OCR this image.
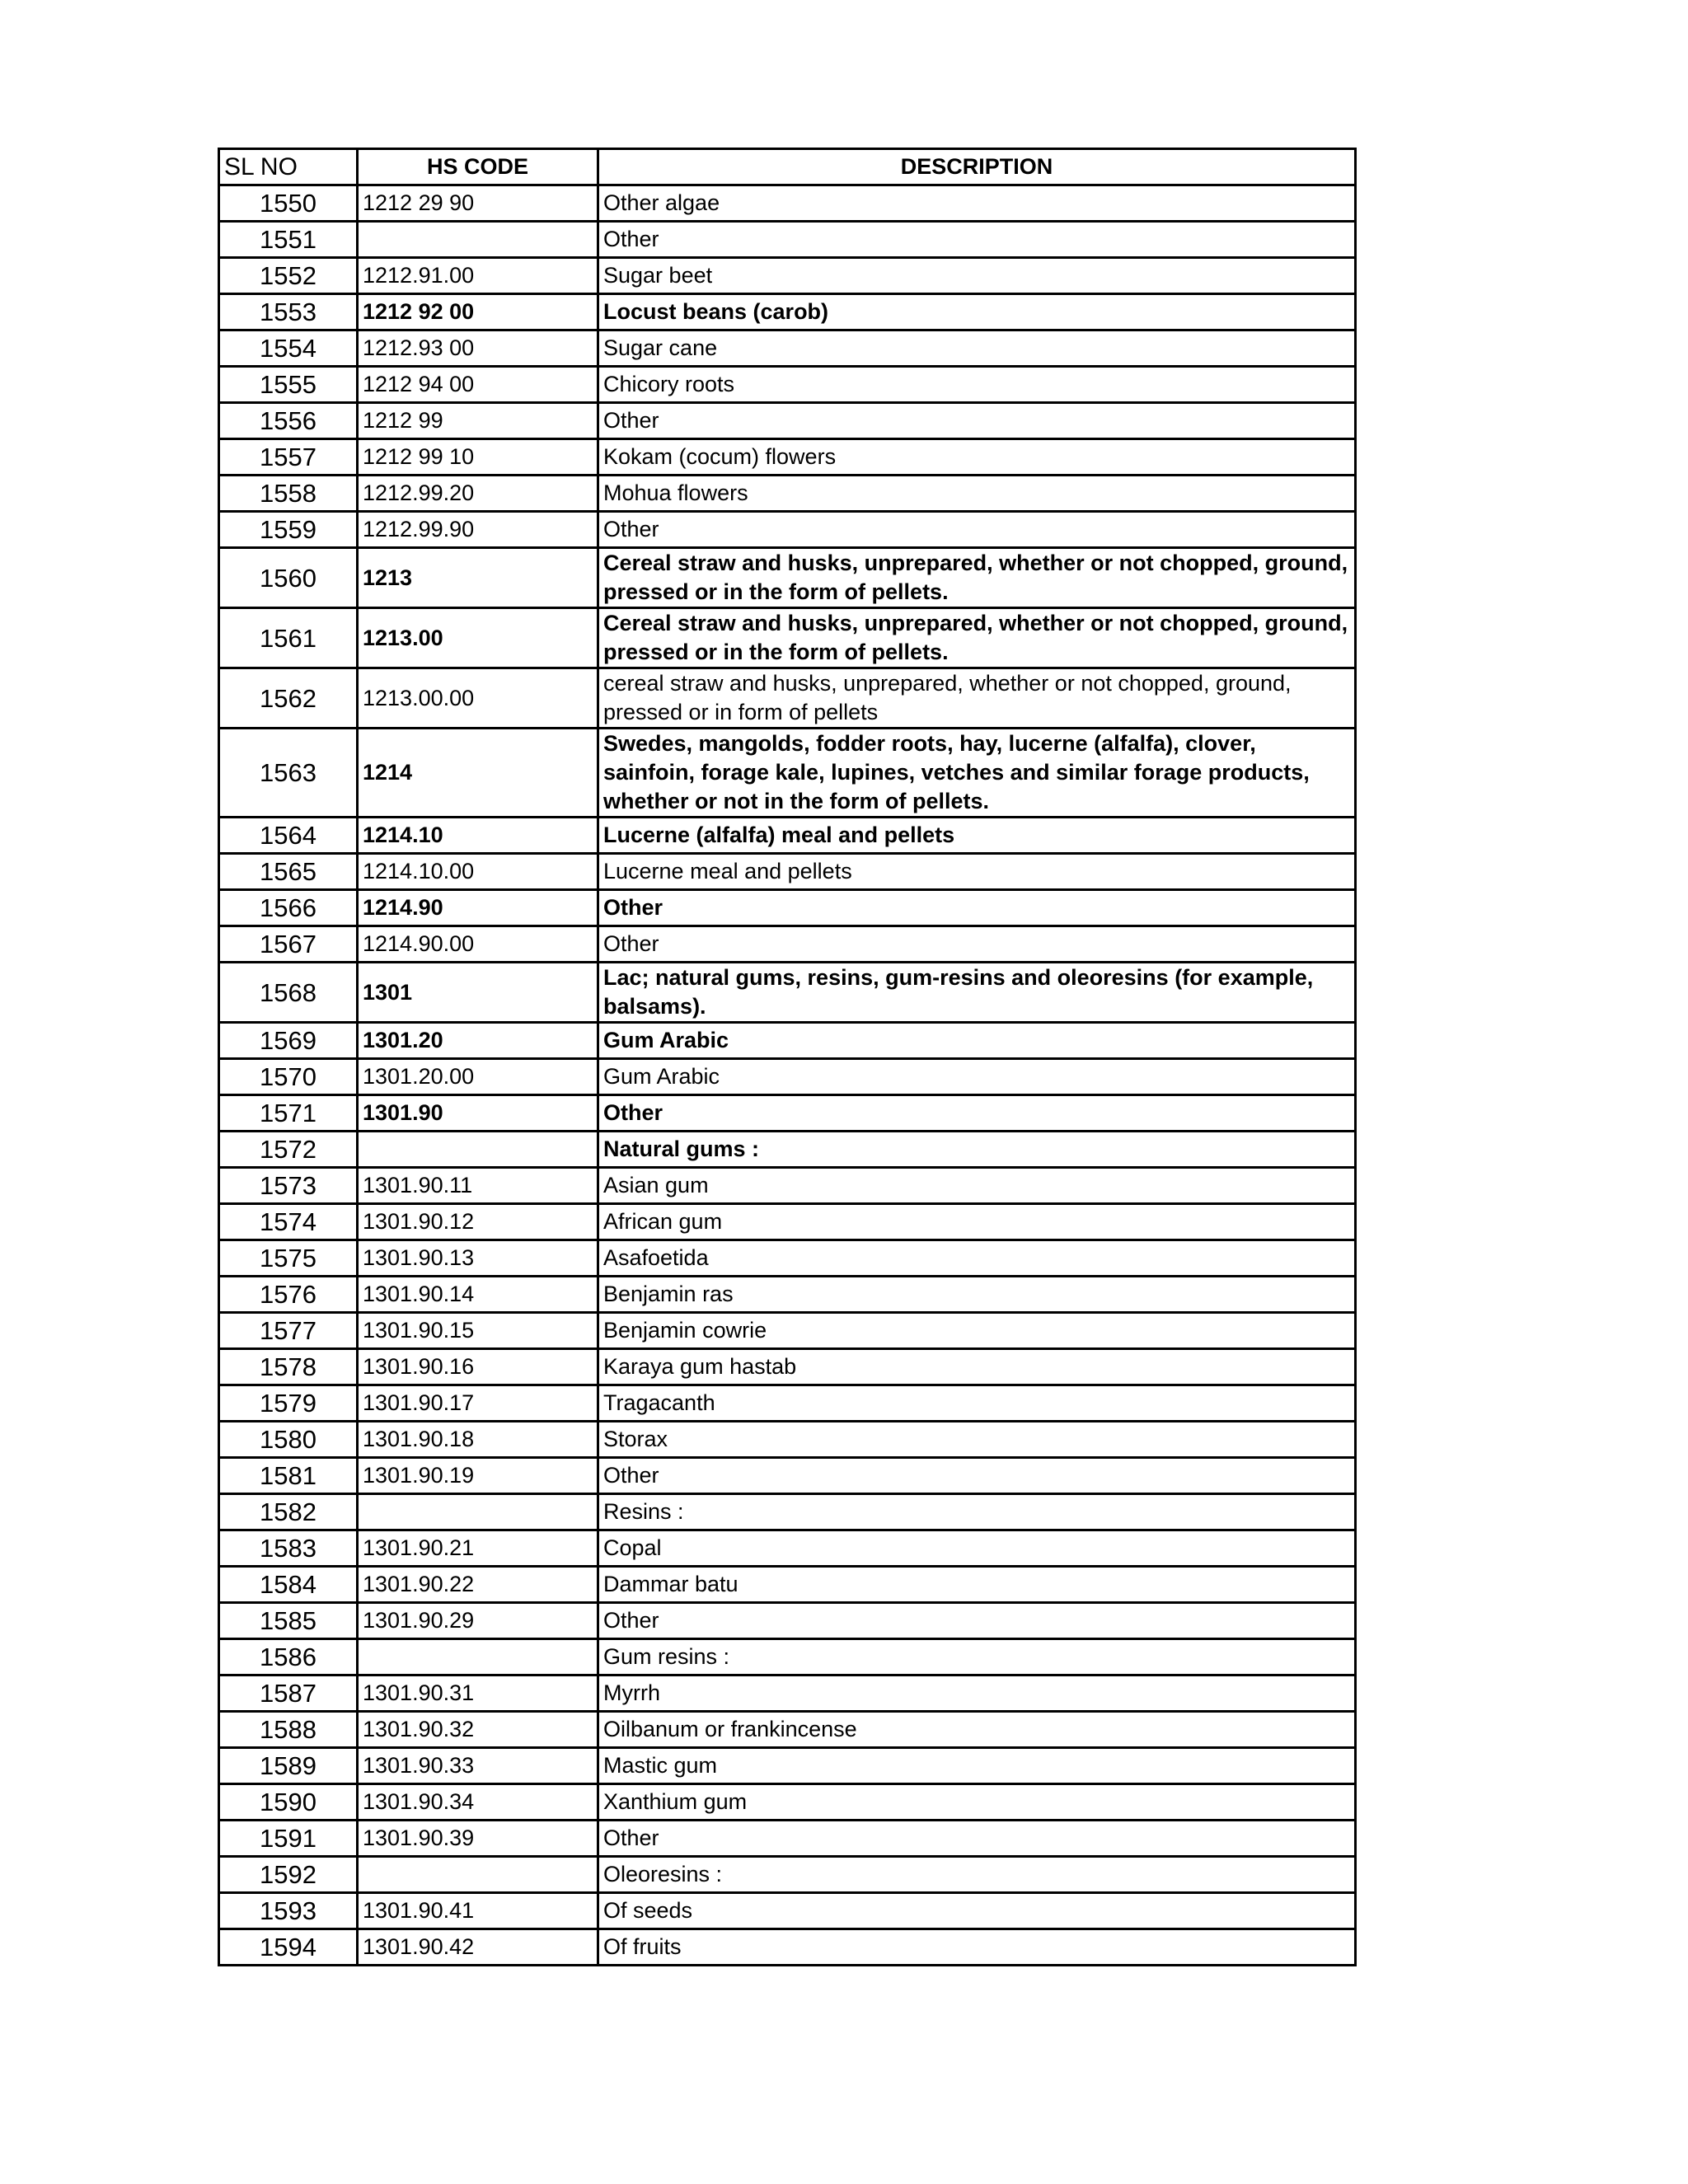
SL NO	HS CODE	DESCRIPTION
1550	1212 29 90	Other algae
1551		Other
1552	1212.91.00	Sugar beet
1553	1212 92 00	Locust beans (carob)
1554	1212.93 00	Sugar cane
1555	1212 94 00	Chicory roots
1556	1212 99	Other
1557	1212 99 10	Kokam (cocum) flowers
1558	1212.99.20	Mohua flowers
1559	1212.99.90	Other
1560	1213	Cereal straw and husks, unprepared, whether or not chopped, ground, pressed or in the form of pellets.
1561	1213.00	Cereal straw and husks, unprepared, whether or not chopped, ground, pressed or in the form of pellets.
1562	1213.00.00	cereal straw and husks, unprepared, whether or not chopped, ground, pressed or in form of pellets
1563	1214	Swedes, mangolds, fodder roots, hay, lucerne (alfalfa), clover, sainfoin, forage kale, lupines, vetches and similar forage products, whether or not in the form of pellets.
1564	1214.10	Lucerne (alfalfa) meal and pellets
1565	1214.10.00	Lucerne meal and pellets
1566	1214.90	Other
1567	1214.90.00	Other
1568	1301	Lac; natural gums, resins, gum-resins and oleoresins (for example, balsams).
1569	1301.20	Gum Arabic
1570	1301.20.00	Gum Arabic
1571	1301.90	Other
1572		Natural gums :
1573	1301.90.11	Asian gum
1574	1301.90.12	African gum
1575	1301.90.13	Asafoetida
1576	1301.90.14	Benjamin ras
1577	1301.90.15	Benjamin cowrie
1578	1301.90.16	Karaya gum hastab
1579	1301.90.17	Tragacanth
1580	1301.90.18	Storax
1581	1301.90.19	Other
1582		Resins :
1583	1301.90.21	Copal
1584	1301.90.22	Dammar batu
1585	1301.90.29	Other
1586		Gum resins :
1587	1301.90.31	Myrrh
1588	1301.90.32	Oilbanum or frankincense
1589	1301.90.33	Mastic gum
1590	1301.90.34	Xanthium gum
1591	1301.90.39	Other
1592		Oleoresins :
1593	1301.90.41	Of seeds
1594	1301.90.42	Of fruits
